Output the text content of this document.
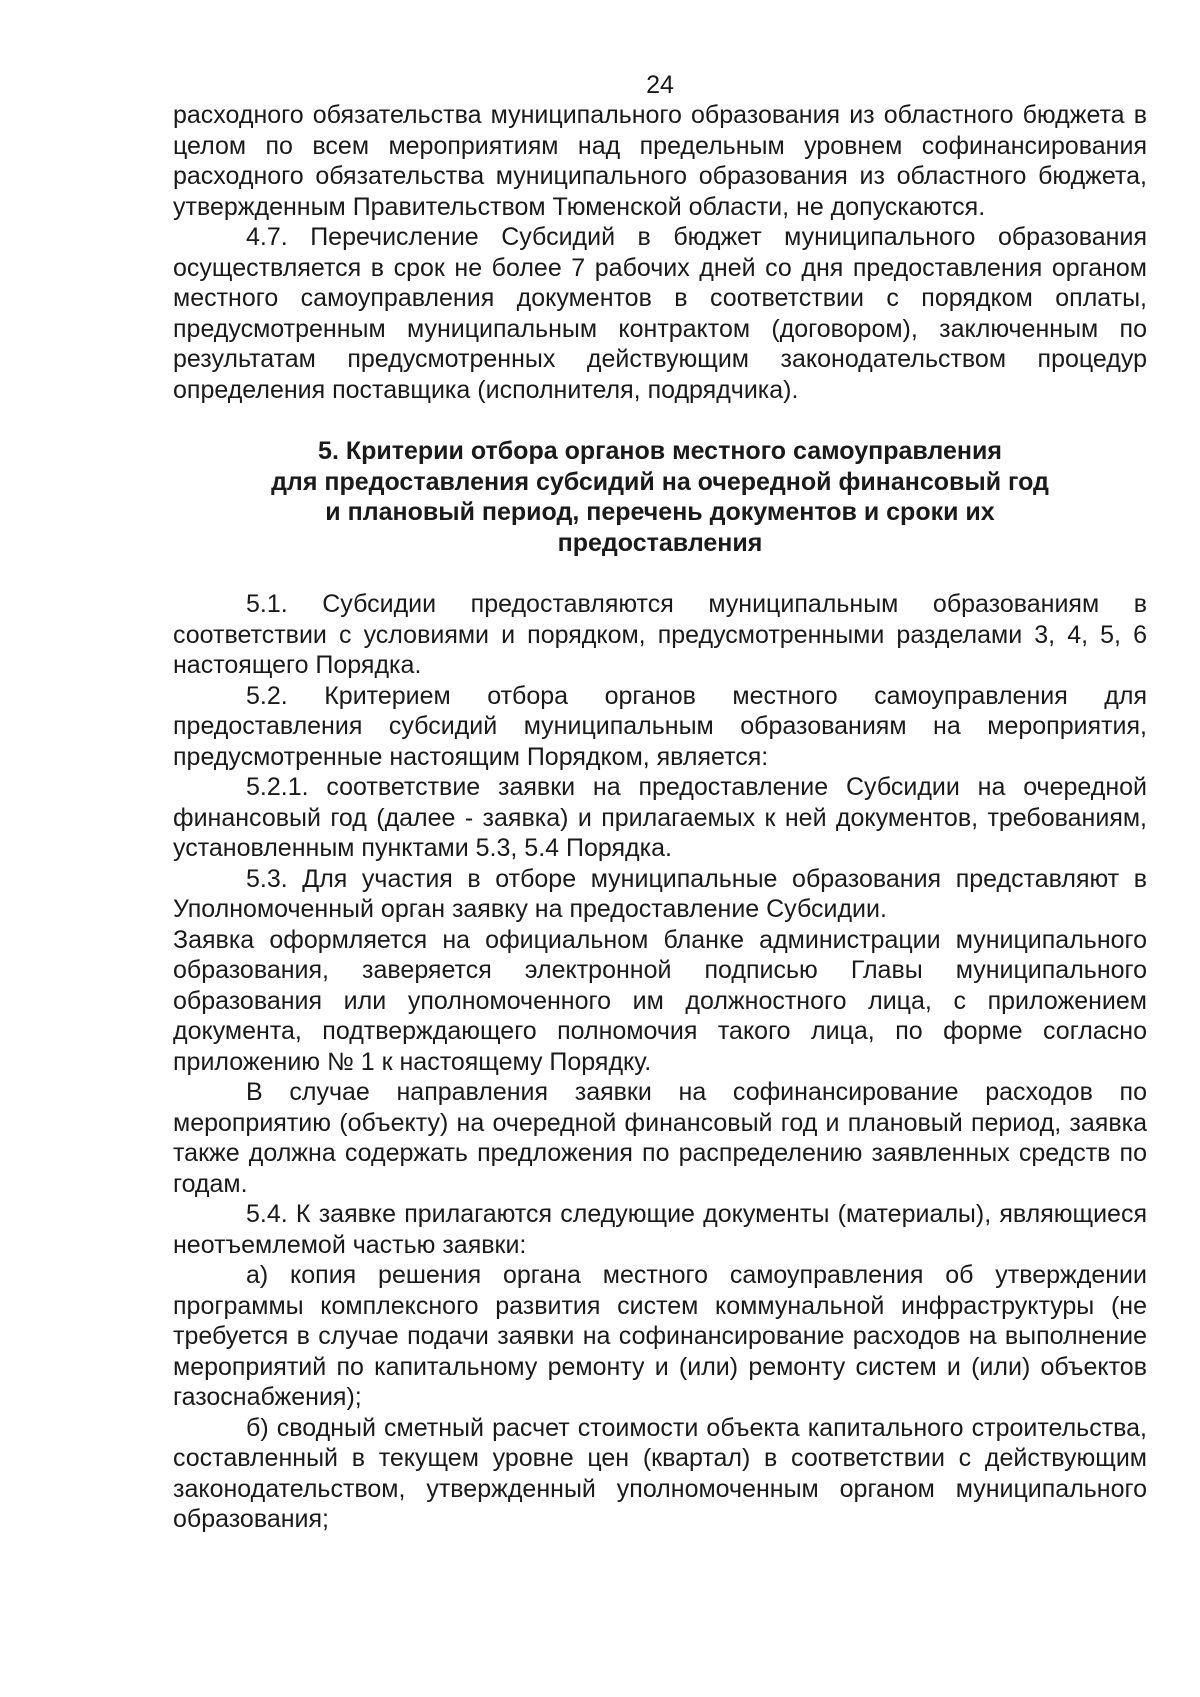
24

расходного обязательства муниципального образования из областного бюджета в целом по всем мероприятиям над предельным уровнем софинансирования расходного обязательства муниципального образования из областного бюджета, утвержденным Правительством Тюменской области, не допускаются.

4.7. Перечисление Субсидий в бюджет муниципального образования осуществляется в срок не более 7 рабочих дней со дня предоставления органом местного самоуправления документов в соответствии с порядком оплаты, предусмотренным муниципальным контрактом (договором), заключенным по результатам предусмотренных действующим законодательством процедур определения поставщика (исполнителя, подрядчика).

5. Критерии отбора органов местного самоуправления
для предоставления субсидий на очередной финансовый год
и плановый период, перечень документов и сроки их
предоставления

5.1. Субсидии предоставляются муниципальным образованиям в соответствии с условиями и порядком, предусмотренными разделами 3, 4, 5, 6 настоящего Порядка.

5.2. Критерием отбора органов местного самоуправления для предоставления субсидий муниципальным образованиям на мероприятия, предусмотренные настоящим Порядком, является:

5.2.1. соответствие заявки на предоставление Субсидии на очередной финансовый год (далее - заявка) и прилагаемых к ней документов, требованиям, установленным пунктами 5.3, 5.4 Порядка.

5.3. Для участия в отборе муниципальные образования представляют в Уполномоченный орган заявку на предоставление Субсидии.

Заявка оформляется на официальном бланке администрации муниципального образования, заверяется электронной подписью Главы муниципального образования или уполномоченного им должностного лица, с приложением документа, подтверждающего полномочия такого лица, по форме согласно приложению № 1 к настоящему Порядку.

В случае направления заявки на софинансирование расходов по мероприятию (объекту) на очередной финансовый год и плановый период, заявка также должна содержать предложения по распределению заявленных средств по годам.

5.4. К заявке прилагаются следующие документы (материалы), являющиеся неотъемлемой частью заявки:

а) копия решения органа местного самоуправления об утверждении программы комплексного развития систем коммунальной инфраструктуры (не требуется в случае подачи заявки на софинансирование расходов на выполнение мероприятий по капитальному ремонту и (или) ремонту систем и (или) объектов газоснабжения);

б) сводный сметный расчет стоимости объекта капитального строительства, составленный в текущем уровне цен (квартал) в соответствии с действующим законодательством, утвержденный уполномоченным органом муниципального образования;
